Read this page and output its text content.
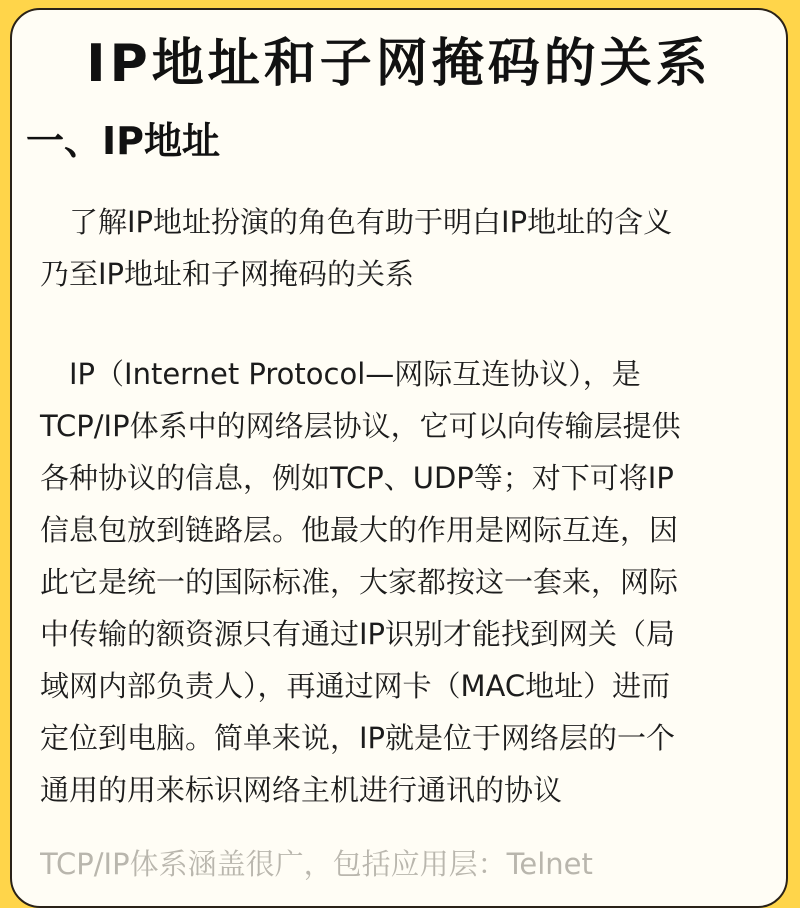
IP地址和子网掩码的关系
一、IP地址

　了解IP地址扮演的角色有助于明白IP地址的含义
乃至IP地址和子网掩码的关系

　IP（Internet Protocol—网际互连协议），是
TCP/IP体系中的网络层协议，它可以向传输层提供
各种协议的信息，例如TCP、UDP等；对下可将IP
信息包放到链路层。他最大的作用是网际互连，因
此它是统一的国际标准，大家都按这一套来，网际
中传输的额资源只有通过IP识别才能找到网关（局
域网内部负责人），再通过网卡（MAC地址）进而
定位到电脑。简单来说，IP就是位于网络层的一个
通用的用来标识网络主机进行通讯的协议

TCP/IP体系涵盖很广，包括应用层：Telnet
